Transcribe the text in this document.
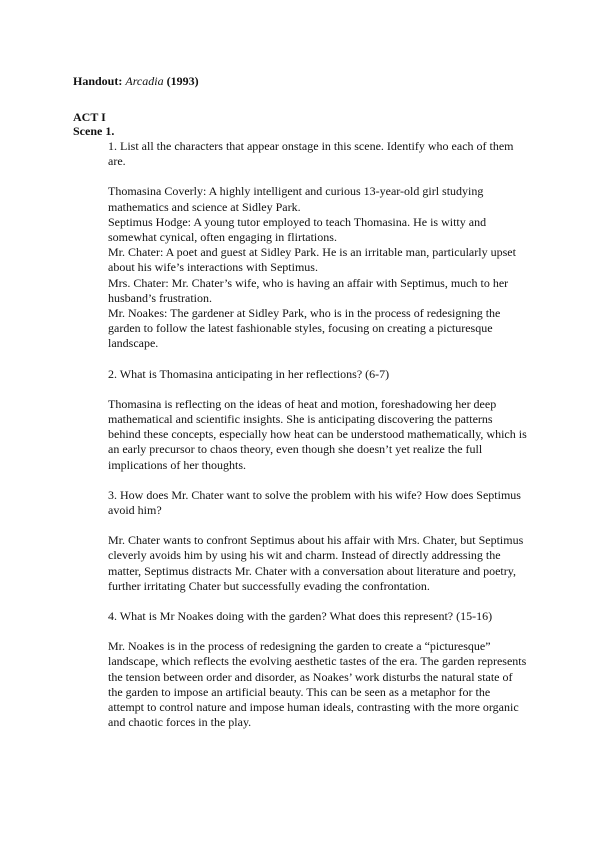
Handout: Arcadia (1993)
ACT I
Scene 1.

1. List all the characters that appear onstage in this scene. Identify who each of them are.

Thomasina Coverly: A highly intelligent and curious 13-year-old girl studying mathematics and science at Sidley Park.

Septimus Hodge: A young tutor employed to teach Thomasina. He is witty and somewhat cynical, often engaging in flirtations.

Mr. Chater: A poet and guest at Sidley Park. He is an irritable man, particularly upset about his wife’s interactions with Septimus.

Mrs. Chater: Mr. Chater’s wife, who is having an affair with Septimus, much to her husband’s frustration.

Mr. Noakes: The gardener at Sidley Park, who is in the process of redesigning the garden to follow the latest fashionable styles, focusing on creating a picturesque landscape.

2. What is Thomasina anticipating in her reflections? (6-7)

Thomasina is reflecting on the ideas of heat and motion, foreshadowing her deep mathematical and scientific insights. She is anticipating discovering the patterns behind these concepts, especially how heat can be understood mathematically, which is an early precursor to chaos theory, even though she doesn’t yet realize the full implications of her thoughts.

3. How does Mr. Chater want to solve the problem with his wife? How does Septimus avoid him?

Mr. Chater wants to confront Septimus about his affair with Mrs. Chater, but Septimus cleverly avoids him by using his wit and charm. Instead of directly addressing the matter, Septimus distracts Mr. Chater with a conversation about literature and poetry, further irritating Chater but successfully evading the confrontation.

4. What is Mr Noakes doing with the garden? What does this represent? (15-16)

Mr. Noakes is in the process of redesigning the garden to create a “picturesque” landscape, which reflects the evolving aesthetic tastes of the era. The garden represents the tension between order and disorder, as Noakes’ work disturbs the natural state of the garden to impose an artificial beauty. This can be seen as a metaphor for the attempt to control nature and impose human ideals, contrasting with the more organic and chaotic forces in the play.
